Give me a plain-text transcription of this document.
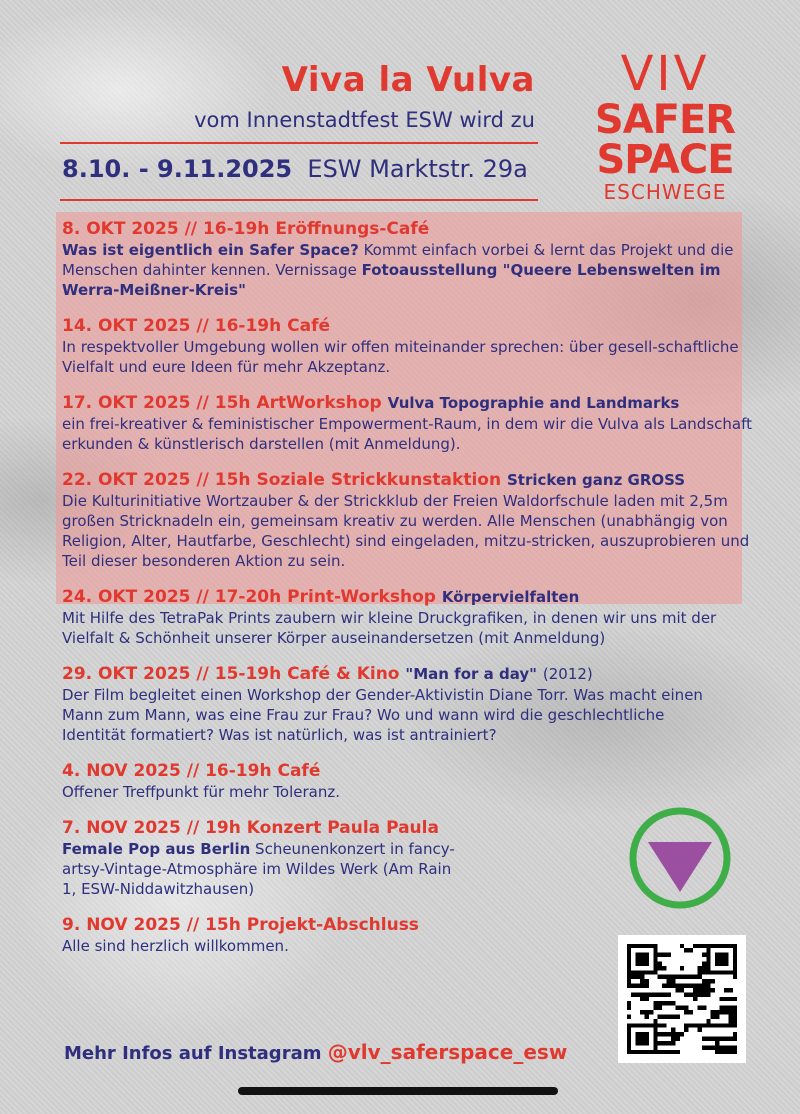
Viva la Vulva
vom Innenstadtfest ESW wird zu
8.10. - 9.11.2025 ESW Marktstr. 29a
VIV
SAFER
SPACE
ESCHWEGE
8. OKT 2025 // 16-19h Eröffnungs-Café
Was ist eigentlich ein Safer Space? Kommt einfach vorbei & lernt das Projekt und die Menschen dahinter kennen. Vernissage Fotoausstellung "Queere Lebenswelten im Werra-Meißner-Kreis"
14. OKT 2025 // 16-19h Café
In respektvoller Umgebung wollen wir offen miteinander sprechen: über gesell-schaftliche Vielfalt und eure Ideen für mehr Akzeptanz.
17. OKT 2025 // 15h ArtWorkshop Vulva Topographie and Landmarks
ein frei-kreativer & feministischer Empowerment-Raum, in dem wir die Vulva als Landschaft erkunden & künstlerisch darstellen (mit Anmeldung).
22. OKT 2025 // 15h Soziale Strickkunstaktion Stricken ganz GROSS
Die Kulturinitiative Wortzauber & der Strickklub der Freien Waldorfschule laden mit 2,5m großen Stricknadeln ein, gemeinsam kreativ zu werden. Alle Menschen (unabhängig von Religion, Alter, Hautfarbe, Geschlecht) sind eingeladen, mitzu-stricken, auszuprobieren und Teil dieser besonderen Aktion zu sein.
24. OKT 2025 // 17-20h Print-Workshop Körpervielfalten
Mit Hilfe des TetraPak Prints zaubern wir kleine Druckgrafiken, in denen wir uns mit der Vielfalt & Schönheit unserer Körper auseinandersetzen (mit Anmeldung)
29. OKT 2025 // 15-19h Café & Kino "Man for a day" (2012)
Der Film begleitet einen Workshop der Gender-Aktivistin Diane Torr. Was macht einen Mann zum Mann, was eine Frau zur Frau? Wo und wann wird die geschlechtliche Identität formatiert? Was ist natürlich, was ist antrainiert?
4. NOV 2025 // 16-19h Café
Offener Treffpunkt für mehr Toleranz.
7. NOV 2025 // 19h Konzert Paula Paula
Female Pop aus Berlin Scheunenkonzert in fancy-artsy-Vintage-Atmosphäre im Wildes Werk (Am Rain 1, ESW-Niddawitzhausen)
9. NOV 2025 // 15h Projekt-Abschluss
Alle sind herzlich willkommen.
Mehr Infos auf Instagram @vlv_saferspace_esw
